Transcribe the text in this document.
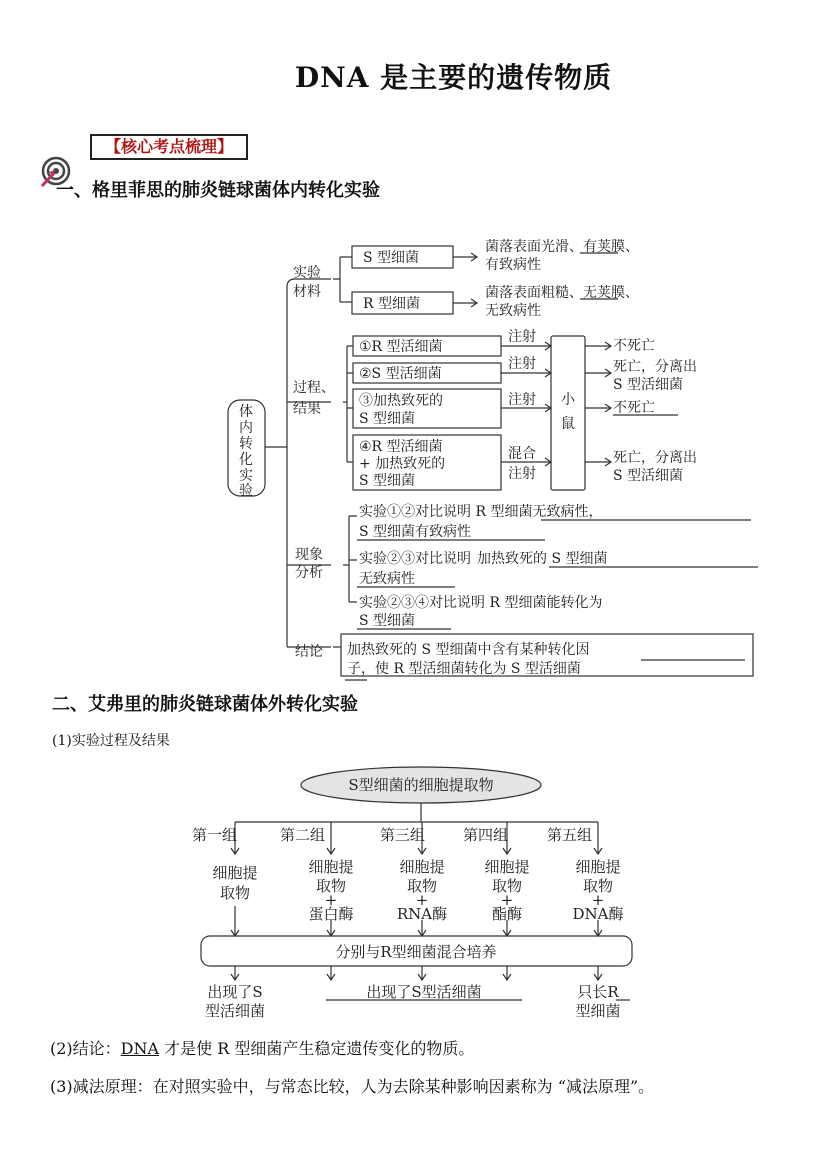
DNA 是主要的遗传物质
【核心考点梳理】
一、格里菲思的肺炎链球菌体内转化实验
体
内
转
化
实
验
实验
材料
过程、
结果
现象
分析
结论
S 型细菌
菌落表面光滑、有荚膜、
有致病性
R 型细菌
菌落表面粗糙、无荚膜、
无致病性
①R 型活细菌
②S 型活细菌
③加热致死的
S 型细菌
④R 型活细菌
+ 加热致死的
S 型细菌
注射
注射
注射
混合
注射
小
鼠
不死亡
死亡，分离出
S 型活细菌
不死亡
死亡，分离出
S 型活细菌
实验①②对比说明 R 型细菌无致病性，
S 型细菌有致病性
实验②③对比说明 加热致死的 S 型细菌
无致病性
实验②③④对比说明 R 型细菌能转化为
S 型细菌
加热致死的 S 型细菌中含有某种转化因
子，使 R 型活细菌转化为 S 型活细菌
二、艾弗里的肺炎链球菌体外转化实验
(1)实验过程及结果
S型细菌的细胞提取物
第一组	第二组	第三组	第四组	第五组
细胞提
取物
细胞提
取物
+
蛋白酶
细胞提
取物
+
RNA酶
细胞提
取物
+
酯酶
细胞提
取物
+
DNA酶
分别与R型细菌混合培养
出现了S
型活细菌
出现了S型活细菌	只长R
型细菌
(2)结论：DNA 才是使 R 型细菌产生稳定遗传变化的物质。
(3)减法原理：在对照实验中，与常态比较，人为去除某种影响因素称为 “减法原理”。
